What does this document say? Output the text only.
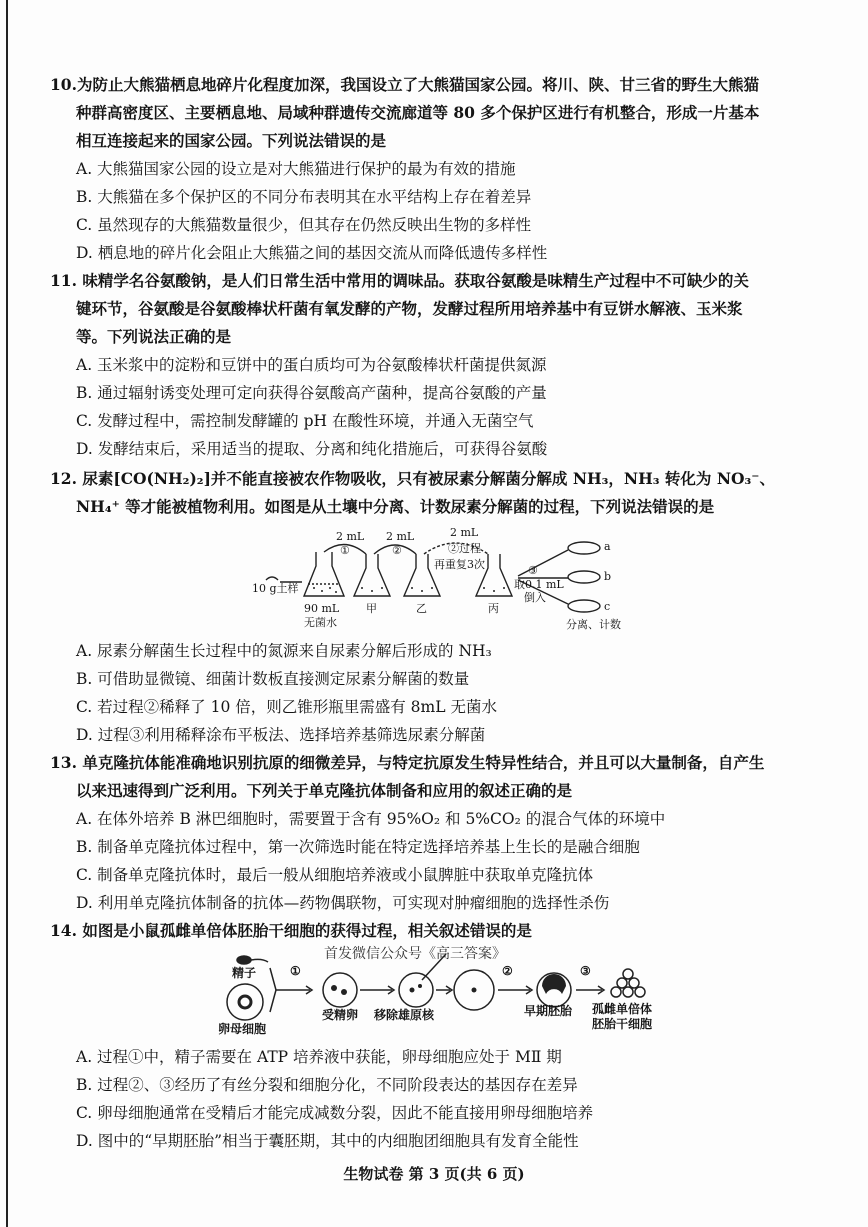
10.为防止大熊猫栖息地碎片化程度加深，我国设立了大熊猫国家公园。将川、陕、甘三省的野生大熊猫
种群高密度区、主要栖息地、局域种群遗传交流廊道等 80 多个保护区进行有机整合，形成一片基本
相互连接起来的国家公园。下列说法错误的是
A. 大熊猫国家公园的设立是对大熊猫进行保护的最为有效的措施
B. 大熊猫在多个保护区的不同分布表明其在水平结构上存在着差异
C. 虽然现存的大熊猫数量很少，但其存在仍然反映出生物的多样性
D. 栖息地的碎片化会阻止大熊猫之间的基因交流从而降低遗传多样性
11. 味精学名谷氨酸钠，是人们日常生活中常用的调味品。获取谷氨酸是味精生产过程中不可缺少的关
键环节，谷氨酸是谷氨酸棒状杆菌有氧发酵的产物，发酵过程所用培养基中有豆饼水解液、玉米浆
等。下列说法正确的是
A. 玉米浆中的淀粉和豆饼中的蛋白质均可为谷氨酸棒状杆菌提供氮源
B. 通过辐射诱变处理可定向获得谷氨酸高产菌种，提高谷氨酸的产量
C. 发酵过程中，需控制发酵罐的 pH 在酸性环境，并通入无菌空气
D. 发酵结束后，采用适当的提取、分离和纯化措施后，可获得谷氨酸
12. 尿素[CO(NH₂)₂]并不能直接被农作物吸收，只有被尿素分解菌分解成 NH₃，NH₃ 转化为 NO₃⁻、
NH₄⁺ 等才能被植物利用。如图是从土壤中分离、计数尿素分解菌的过程，下列说法错误的是
10 g土样
90 mL
无菌水
甲	乙	丙
2 mL
①
2 mL
②
2 mL
②过程
再重复3次	③
取0.1 mL
倒入
a
b
c
分离、计数
A. 尿素分解菌生长过程中的氮源来自尿素分解后形成的 NH₃
B. 可借助显微镜、细菌计数板直接测定尿素分解菌的数量
C. 若过程②稀释了 10 倍，则乙锥形瓶里需盛有 8mL 无菌水
D. 过程③利用稀释涂布平板法、选择培养基筛选尿素分解菌
13. 单克隆抗体能准确地识别抗原的细微差异，与特定抗原发生特异性结合，并且可以大量制备，自产生
以来迅速得到广泛利用。下列关于单克隆抗体制备和应用的叙述正确的是
A. 在体外培养 B 淋巴细胞时，需要置于含有 95%O₂ 和 5%CO₂ 的混合气体的环境中
B. 制备单克隆抗体过程中，第一次筛选时能在特定选择培养基上生长的是融合细胞
C. 制备单克隆抗体时，最后一般从细胞培养液或小鼠脾脏中获取单克隆抗体
D. 利用单克隆抗体制备的抗体—药物偶联物，可实现对肿瘤细胞的选择性杀伤
14. 如图是小鼠孤雌单倍体胚胎干细胞的获得过程，相关叙述错误的是
首发微信公众号《高三答案》
精子
卵母细胞
①
受精卵 移除雄原核
②
早期胚胎
③
孤雌单倍体
胚胎干细胞
A. 过程①中，精子需要在 ATP 培养液中获能，卵母细胞应处于 MⅡ 期
B. 过程②、③经历了有丝分裂和细胞分化，不同阶段表达的基因存在差异
C. 卵母细胞通常在受精后才能完成减数分裂，因此不能直接用卵母细胞培养
D. 图中的“早期胚胎”相当于囊胚期，其中的内细胞团细胞具有发育全能性
生物试卷 第 3 页(共 6 页)
